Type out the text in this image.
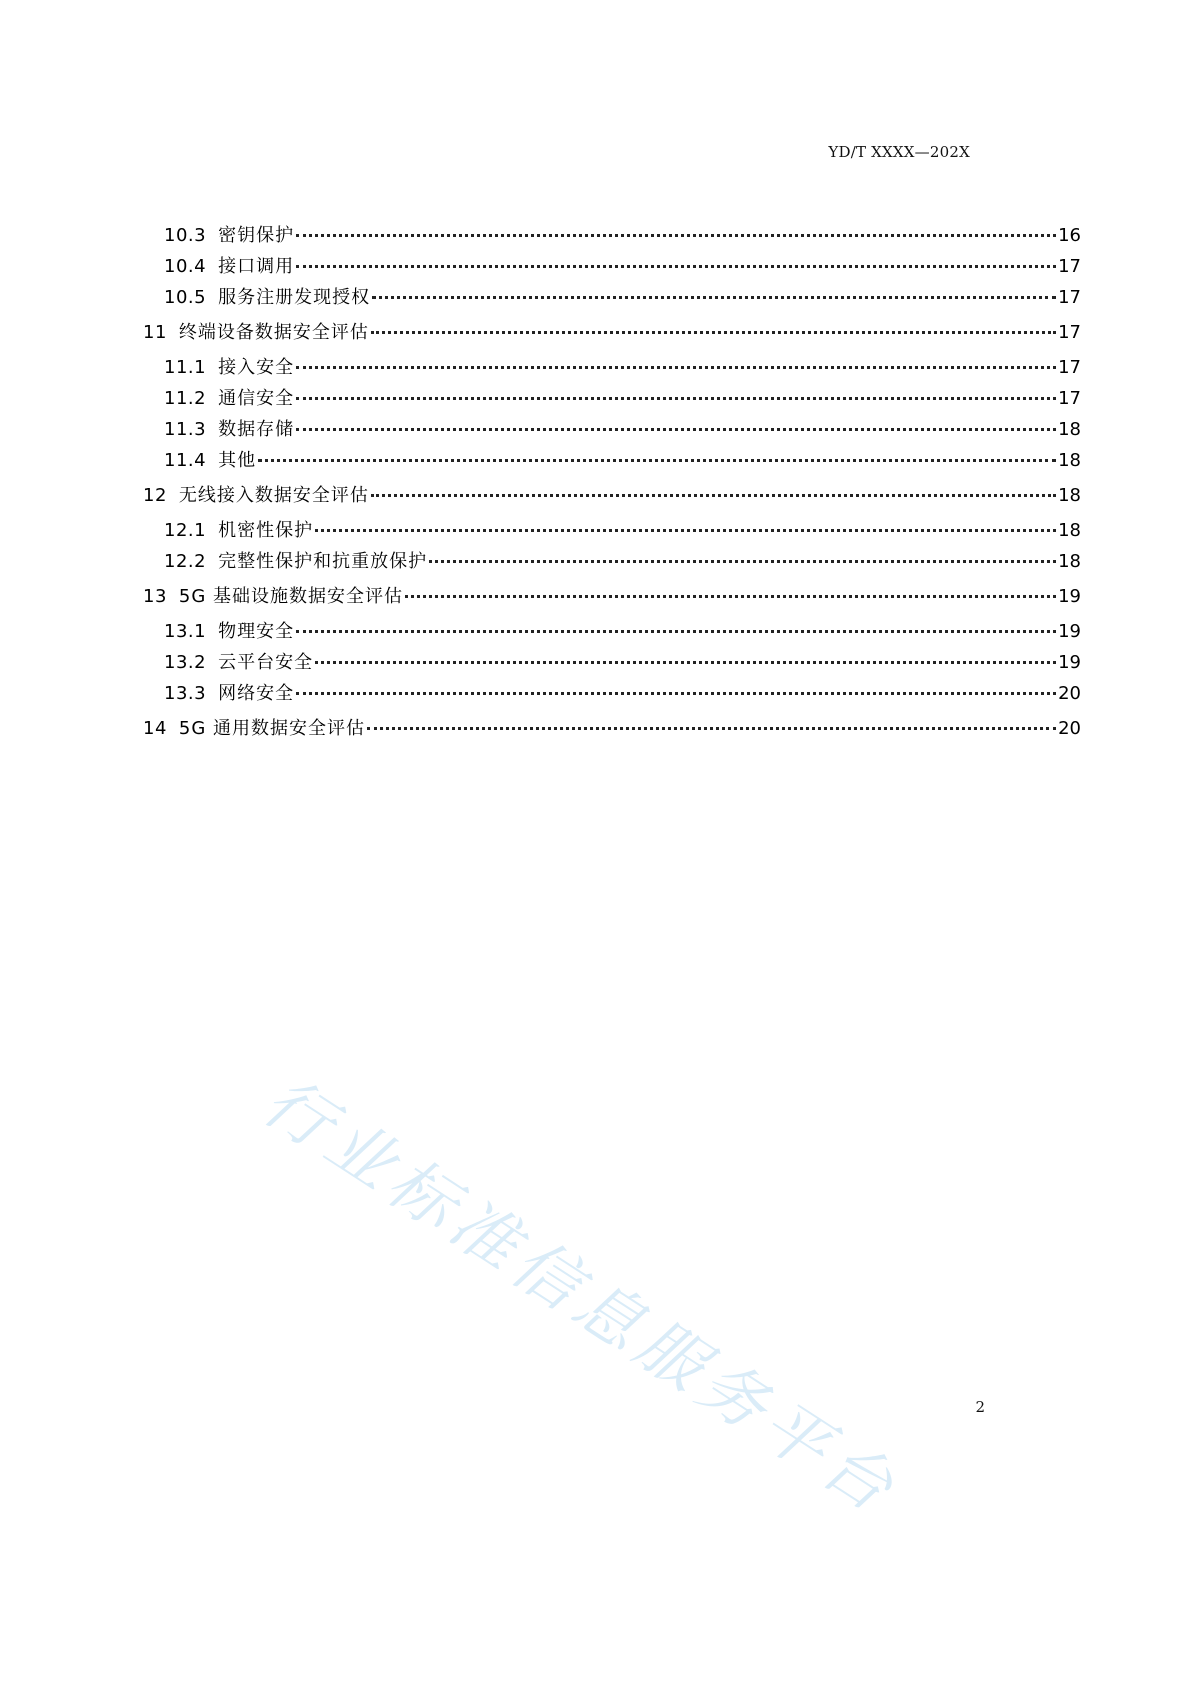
YD/T XXXX—202X
10.3 密钥保护	16
10.4 接口调用	17
10.5 服务注册发现授权	17
11 终端设备数据安全评估	17
11.1 接入安全	17
11.2 通信安全	17
11.3 数据存储	18
11.4 其他	18
12 无线接入数据安全评估	18
12.1 机密性保护	18
12.2 完整性保护和抗重放保护	18
13 5G 基础设施数据安全评估	19
13.1 物理安全	19
13.2 云平台安全	19
13.3 网络安全	20
14 5G 通用数据安全评估	20
行业标准信息服务平台	2
